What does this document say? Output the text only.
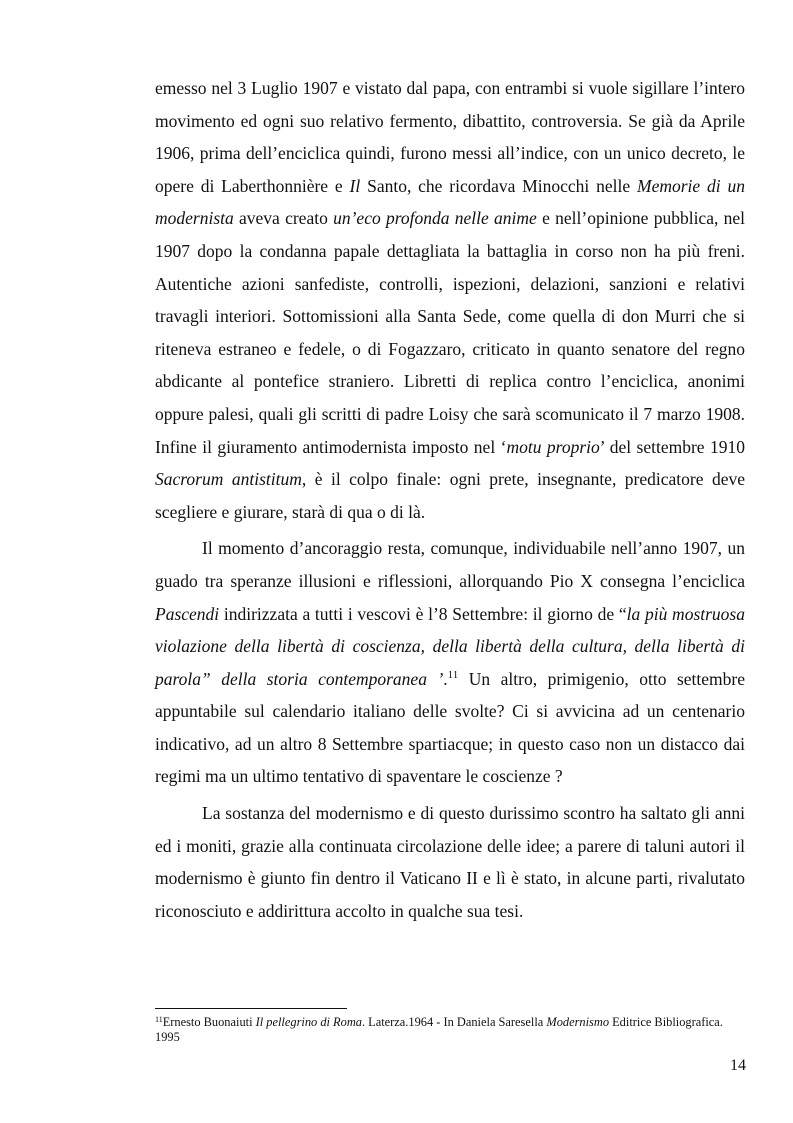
emesso nel 3 Luglio 1907 e vistato dal papa, con entrambi si vuole sigillare l’intero movimento ed ogni suo relativo fermento, dibattito, controversia. Se già da Aprile 1906, prima dell’enciclica quindi, furono messi all’indice, con un unico decreto, le opere di Laberthonnière e Il Santo, che ricordava Minocchi nelle Memorie di un modernista aveva creato un’eco profonda nelle anime e nell’opinione pubblica, nel 1907 dopo la condanna papale dettagliata la battaglia in corso non ha più freni. Autentiche azioni sanfediste, controlli, ispezioni, delazioni, sanzioni e relativi travagli interiori. Sottomissioni alla Santa Sede, come quella di don Murri che si riteneva estraneo e fedele, o di Fogazzaro, criticato in quanto senatore del regno abdicante al pontefice straniero. Libretti di replica contro l’enciclica, anonimi oppure palesi, quali gli scritti di padre Loisy che sarà scomunicato il 7 marzo 1908. Infine il giuramento antimodernista imposto nel ‘motu proprio’ del settembre 1910 Sacrorum antistitum, è il colpo finale: ogni prete, insegnante, predicatore deve scegliere e giurare, starà di qua o di là.

Il momento d’ancoraggio resta, comunque, individuabile nell’anno 1907, un guado tra speranze illusioni e riflessioni, allorquando Pio X consegna l’enciclica Pascendi indirizzata a tutti i vescovi è l’8 Settembre: il giorno de “la più mostruosa violazione della libertà di coscienza, della libertà della cultura, della libertà di parola” della storia contemporanea ’.$^{11}$ Un altro, primigenio, otto settembre appuntabile sul calendario italiano delle svolte? Ci si avvicina ad un centenario indicativo, ad un altro 8 Settembre spartiacque; in questo caso non un distacco dai regimi ma un ultimo tentativo di spaventare le coscienze ?

La sostanza del modernismo e di questo durissimo scontro ha saltato gli anni ed i moniti, grazie alla continuata circolazione delle idee; a parere di taluni autori il modernismo è giunto fin dentro il Vaticano II e lì è stato, in alcune parti, rivalutato riconosciuto e addirittura accolto in qualche sua tesi.

$^{11}$Ernesto Buonaiuti Il pellegrino di Roma. Laterza.1964 - In Daniela Saresella Modernismo Editrice Bibliografica. 1995
14
